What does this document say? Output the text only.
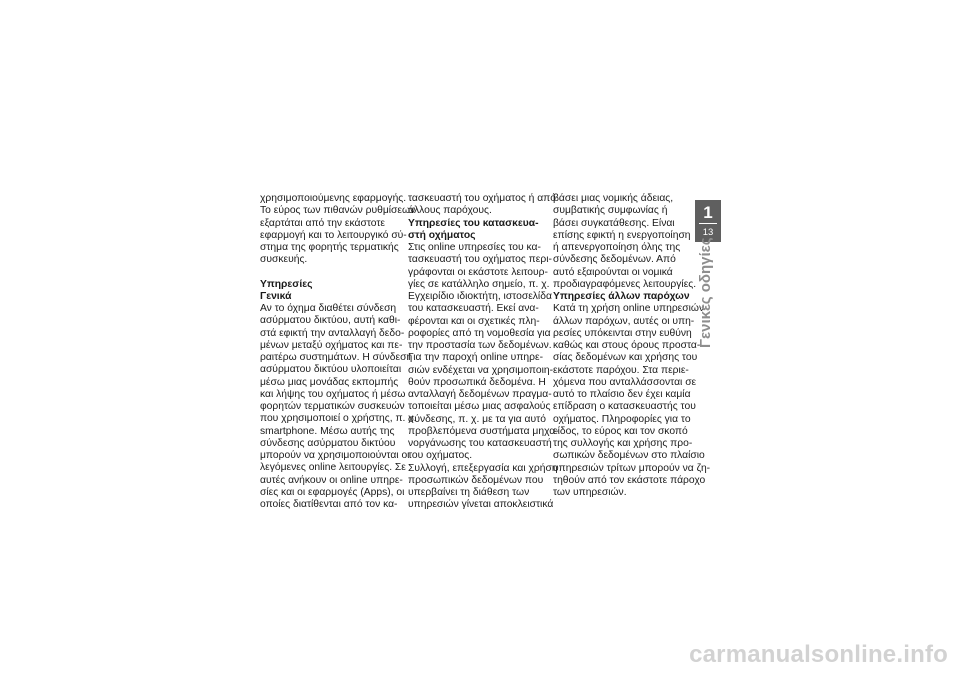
χρησιμοποιούμενης εφαρμογής.

Το εύρος των πιθανών ρυθμίσεων

εξαρτάται από την εκάστοτε

εφαρμογή και το λειτουργικό σύ-

στημα της φορητής τερματικής

συσκευής.

Υπηρεσίες

Γενικά

Αν το όχημα διαθέτει σύνδεση

ασύρματου δικτύου, αυτή καθι-

στά εφικτή την ανταλλαγή δεδο-

μένων μεταξύ οχήματος και πε-

ραιτέρω συστημάτων. Η σύνδεση

ασύρματου δικτύου υλοποιείται

μέσω μιας μονάδας εκπομπής

και λήψης του οχήματος ή μέσω

φορητών τερματικών συσκευών

που χρησιμοποιεί ο χρήστης, π. χ.

smartphone. Μέσω αυτής της

σύνδεσης ασύρματου δικτύου

μπορούν να χρησιμοποιούνται οι

λεγόμενες online λειτουργίες. Σε

αυτές ανήκουν οι online υπηρε-

σίες και οι εφαρμογές (Apps), οι

οποίες διατίθενται από τον κα-

τασκευαστή του οχήματος ή από

άλλους παρόχους.

Υπηρεσίες του κατασκευα-

στή οχήματος

Στις online υπηρεσίες του κα-

τασκευαστή του οχήματος περι-

γράφονται οι εκάστοτε λειτουρ-

γίες σε κατάλληλο σημείο, π. χ.

Εγχειρίδιο ιδιοκτήτη, ιστοσελίδα

του κατασκευαστή. Εκεί ανα-

φέρονται και οι σχετικές πλη-

ροφορίες από τη νομοθεσία για

την προστασία των δεδομένων.

Για την παροχή online υπηρε-

σιών ενδέχεται να χρησιμοποιη-

θούν προσωπικά δεδομένα. Η

ανταλλαγή δεδομένων πραγμα-

τοποιείται μέσω μιας ασφαλούς

σύνδεσης, π. χ. με τα για αυτό

προβλεπόμενα συστήματα μηχα-

νοργάνωσης του κατασκευαστή

του οχήματος.

Συλλογή, επεξεργασία και χρήση

προσωπικών δεδομένων που

υπερβαίνει τη διάθεση των

υπηρεσιών γίνεται αποκλειστικά

βάσει μιας νομικής άδειας,

συμβατικής συμφωνίας ή

βάσει συγκατάθεσης. Είναι

επίσης εφικτή η ενεργοποίηση

ή απενεργοποίηση όλης της

σύνδεσης δεδομένων. Από

αυτό εξαιρούνται οι νομικά

προδιαγραφόμενες λειτουργίες.

Υπηρεσίες άλλων παρόχων

Κατά τη χρήση online υπηρεσιών

άλλων παρόχων, αυτές οι υπη-

ρεσίες υπόκεινται στην ευθύνη

καθώς και στους όρους προστα-

σίας δεδομένων και χρήσης του

εκάστοτε παρόχου. Στα περιε-

χόμενα που ανταλλάσσονται σε

αυτό το πλαίσιο δεν έχει καμία

επίδραση ο κατασκευαστής του

οχήματος. Πληροφορίες για το

είδος, το εύρος και τον σκοπό

της συλλογής και χρήσης προ-

σωπικών δεδομένων στο πλαίσιο

υπηρεσιών τρίτων μπορούν να ζη-

τηθούν από τον εκάστοτε πάροχο

των υπηρεσιών.

1
13
Γενικές οδηγίες
carmanualsonline.info
